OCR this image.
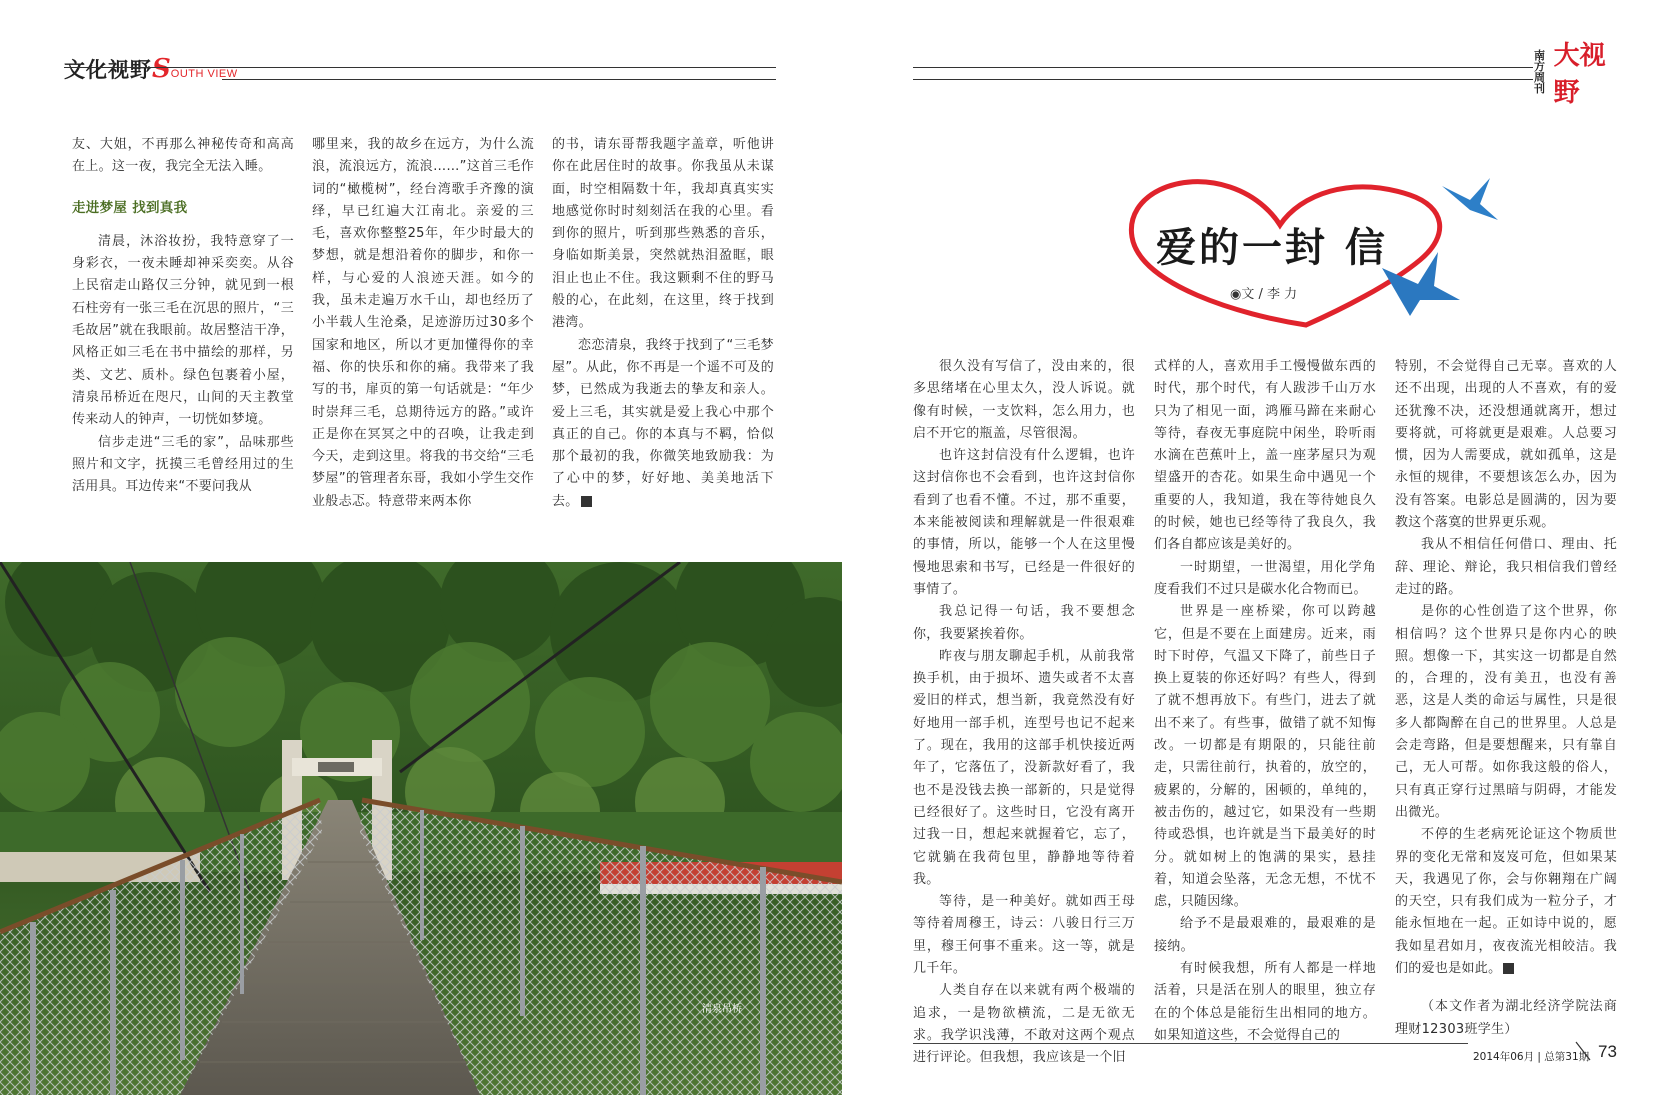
文化视野SOUTH VIEW

友、大姐，不再那么神秘传奇和高高在上。这一夜，我完全无法入睡。

走进梦屋 找到真我

清晨，沐浴妆扮，我特意穿了一身彩衣，一夜未睡却神采奕奕。从谷上民宿走山路仅三分钟，就见到一根石柱旁有一张三毛在沉思的照片，“三毛故居”就在我眼前。故居整洁干净，风格正如三毛在书中描绘的那样，另类、文艺、质朴。绿色包裹着小屋，清泉吊桥近在咫尺，山间的天主教堂传来动人的钟声，一切恍如梦境。

信步走进“三毛的家”，品味那些照片和文字，抚摸三毛曾经用过的生活用具。耳边传来“不要问我从

哪里来，我的故乡在远方，为什么流浪，流浪远方，流浪……”这首三毛作词的“橄榄树”，经台湾歌手齐豫的演绎，早已红遍大江南北。亲爱的三毛，喜欢你整整25年，年少时最大的梦想，就是想沿着你的脚步，和你一样，与心爱的人浪迹天涯。如今的我，虽未走遍万水千山，却也经历了小半载人生沧桑，足迹游历过30多个国家和地区，所以才更加懂得你的幸福、你的快乐和你的痛。我带来了我写的书，扉页的第一句话就是：“年少时崇拜三毛，总期待远方的路。”或许正是你在冥冥之中的召唤，让我走到今天，走到这里。将我的书交给“三毛梦屋”的管理者东哥，我如小学生交作业般忐忑。特意带来两本你

的书，请东哥帮我题字盖章，听他讲你在此居住时的故事。你我虽从未谋面，时空相隔数十年，我却真真实实地感觉你时时刻刻活在我的心里。看到你的照片，听到那些熟悉的音乐，身临如斯美景，突然就热泪盈眶，眼泪止也止不住。我这颗剩不住的野马般的心，在此刻，在这里，终于找到港湾。

恋恋清泉，我终于找到了“三毛梦屋”。从此，你不再是一个遥不可及的梦，已然成为我逝去的挚友和亲人。爱上三毛，其实就是爱上我心中那个真正的自己。你的本真与不羁，恰似那个最初的我，你微笑地致励我：为了心中的梦，好好地、美美地活下去。	V

清泉吊桥
南方
周刊
大视野
爱的一封 信
◉文 / 李 力

很久没有写信了，没由来的，很多思绪堵在心里太久，没人诉说。就像有时候，一支饮料，怎么用力，也启不开它的瓶盖，尽管很渴。

也许这封信没有什么逻辑，也许这封信你也不会看到，也许这封信你看到了也看不懂。不过，那不重要，本来能被阅读和理解就是一件很艰难的事情，所以，能够一个人在这里慢慢地思索和书写，已经是一件很好的事情了。

我总记得一句话，我不要想念你，我要紧挨着你。

昨夜与朋友聊起手机，从前我常换手机，由于损坏、遗失或者不太喜爱旧的样式，想当新，我竟然没有好好地用一部手机，连型号也记不起来了。现在，我用的这部手机快接近两年了，它落伍了，没新款好看了，我也不是没钱去换一部新的，只是觉得已经很好了。这些时日，它没有离开过我一日，想起来就握着它，忘了，它就躺在我荷包里，静静地等待着我。

等待，是一种美好。就如西王母等待着周穆王，诗云：八骏日行三万里，穆王何事不重来。这一等，就是几千年。

人类自存在以来就有两个极端的追求，一是物欲横流，二是无欲无求。我学识浅薄，不敢对这两个观点进行评论。但我想，我应该是一个旧

式样的人，喜欢用手工慢慢做东西的时代，那个时代，有人跋涉千山万水只为了相见一面，鸿雁马蹄在来耐心等待，春夜无事庭院中闲坐，聆听雨水滴在芭蕉叶上，盖一座茅屋只为观望盛开的杏花。如果生命中遇见一个重要的人，我知道，我在等待她良久的时候，她也已经等待了我良久，我们各自都应该是美好的。

一时期望，一世渴望，用化学角度看我们不过只是碳水化合物而已。

世界是一座桥梁，你可以跨越它，但是不要在上面建房。近来，雨时下时停，气温又下降了，前些日子换上夏装的你还好吗？有些人，得到了就不想再放下。有些门，进去了就出不来了。有些事，做错了就不知悔改。一切都是有期限的，只能往前走，只需往前行，执着的，放空的，疲累的，分解的，困顿的，单纯的，被击伤的，越过它，如果没有一些期待或恐惧，也许就是当下最美好的时分。就如树上的饱满的果实，悬挂着，知道会坠落，无念无想，不忧不虑，只随因缘。

给予不是最艰难的，最艰难的是接纳。

有时候我想，所有人都是一样地活着，只是活在别人的眼里，独立存在的个体总是能衍生出相同的地方。如果知道这些，不会觉得自己的

特别，不会觉得自己无辜。喜欢的人还不出现，出现的人不喜欢，有的爱还犹豫不决，还没想通就离开，想过要将就，可将就更是艰难。人总要习惯，因为人需要成，就如孤单，这是永恒的规律，不要想该怎么办，因为没有答案。电影总是圆满的，因为要教这个落寞的世界更乐观。

我从不相信任何借口、理由、托辞、理论、辩论，我只相信我们曾经走过的路。

是你的心性创造了这个世界，你相信吗？这个世界只是你内心的映照。想像一下，其实这一切都是自然的，合理的，没有美丑，也没有善恶，这是人类的命运与属性，只是很多人都陶醉在自己的世界里。人总是会走弯路，但是要想醒来，只有靠自己，无人可帮。如你我这般的俗人，只有真正穿行过黑暗与阴碍，才能发出微光。

不停的生老病死论证这个物质世界的变化无常和岌岌可危，但如果某天，我遇见了你，会与你翱翔在广阔的天空，只有我们成为一粒分子，才能永恒地在一起。正如诗中说的，愿我如星君如月，夜夜流光相皎洁。我们的爱也是如此。	V

（本文作者为湖北经济学院法商理财12303班学生）

2014年06月 | 总第31期 73
